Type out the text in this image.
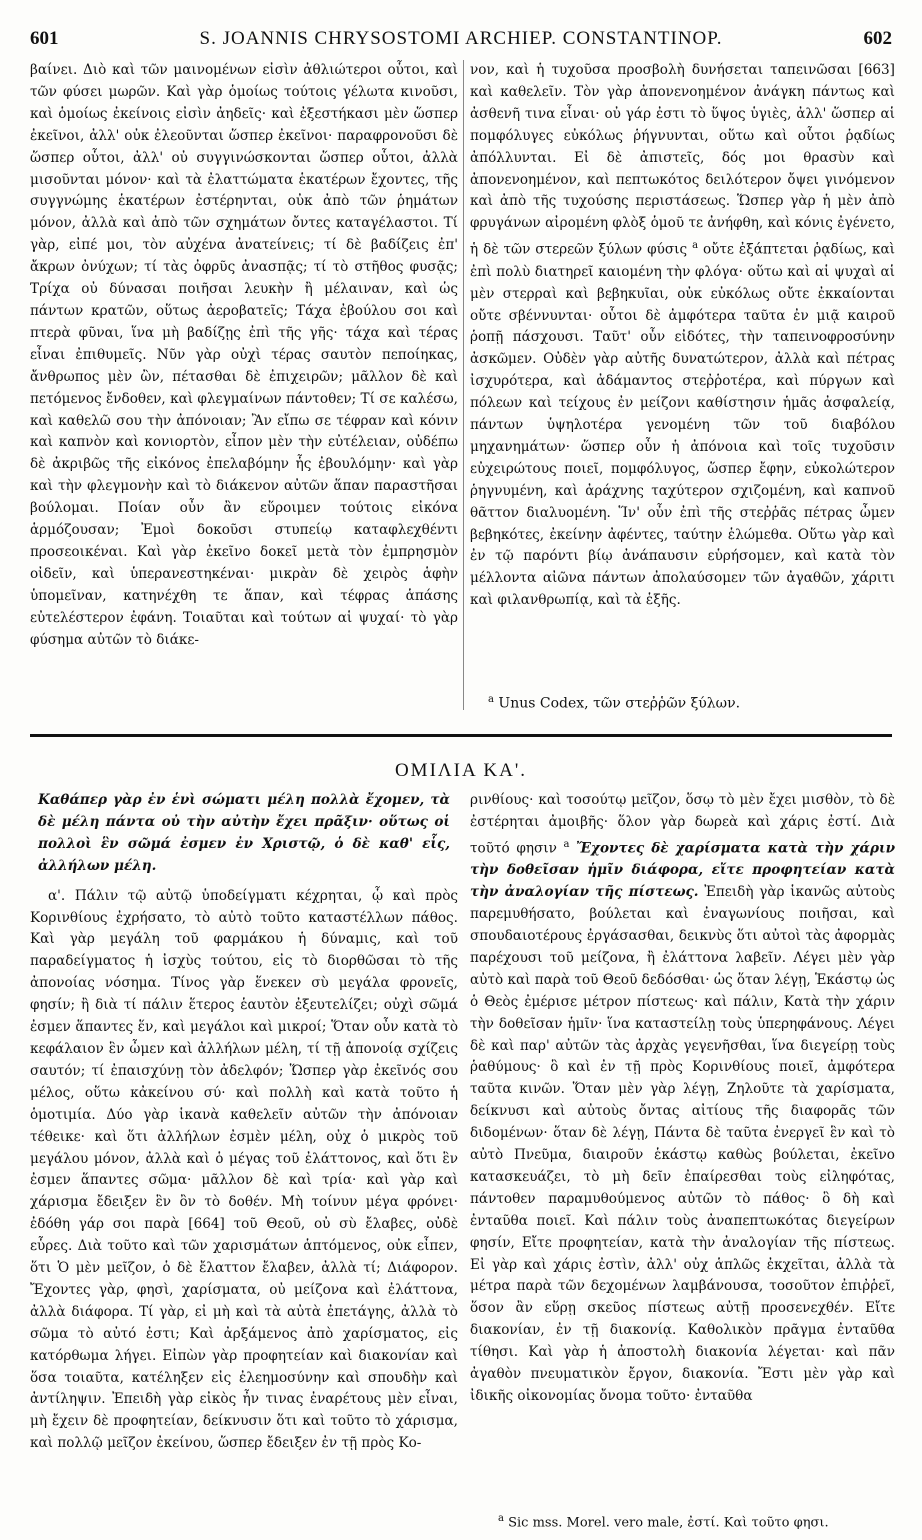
601	S. JOANNIS CHRYSOSTOMI ARCHIEP. CONSTANTINOP.	602

βαίνει. Διὸ καὶ τῶν μαινομένων εἰσὶν ἀθλιώτεροι οὗτοι, καὶ τῶν φύσει μωρῶν. Καὶ γὰρ ὁμοίως τούτοις γέλωτα κινοῦσι, καὶ ὁμοίως ἐκείνοις εἰσὶν ἀηδεῖς· καὶ ἐξεστήκασι μὲν ὥσπερ ἐκεῖνοι, ἀλλ' οὐκ ἐλεοῦνται ὥσπερ ἐκεῖνοι· παραφρονοῦσι δὲ ὥσπερ οὗτοι, ἀλλ' οὐ συγγινώσκονται ὥσπερ οὗτοι, ἀλλὰ μισοῦνται μόνον· καὶ τὰ ἐλαττώματα ἑκατέρων ἔχοντες, τῆς συγγνώμης ἑκατέρων ἐστέρηνται, οὐκ ἀπὸ τῶν ῥημάτων μόνον, ἀλλὰ καὶ ἀπὸ τῶν σχημάτων ὄντες καταγέλαστοι. Τί γὰρ, εἰπέ μοι, τὸν αὐχένα ἀνατείνεις; τί δὲ βαδίζεις ἐπ' ἄκρων ὀνύχων; τί τὰς ὀφρῦς ἀνασπᾷς; τί τὸ στῆθος φυσᾷς; Τρίχα οὐ δύνασαι ποιῆσαι λευκὴν ἢ μέλαιναν, καὶ ὡς πάντων κρατῶν, οὕτως ἀεροβατεῖς; Τάχα ἐβούλου σοι καὶ πτερὰ φῦναι, ἵνα μὴ βαδίζῃς ἐπὶ τῆς γῆς· τάχα καὶ τέρας εἶναι ἐπιθυμεῖς. Νῦν γὰρ οὐχὶ τέρας σαυτὸν πεποίηκας, ἄνθρωπος μὲν ὢν, πέτασθαι δὲ ἐπιχειρῶν; μᾶλλον δὲ καὶ πετόμενος ἔνδοθεν, καὶ φλεγμαίνων πάντοθεν; Τί σε καλέσω, καὶ καθελῶ σου τὴν ἀπόνοιαν; Ἂν εἴπω σε τέφραν καὶ κόνιν καὶ καπνὸν καὶ κονιορτὸν, εἶπον μὲν τὴν εὐτέλειαν, οὐδέπω δὲ ἀκριβῶς τῆς εἰκόνος ἐπελαβόμην ἧς ἐβουλόμην· καὶ γὰρ καὶ τὴν φλεγμονὴν καὶ τὸ διάκενον αὐτῶν ἅπαν παραστῆσαι βούλομαι. Ποίαν οὖν ἂν εὕροιμεν τούτοις εἰκόνα ἁρμόζουσαν; Ἐμοὶ δοκοῦσι στυπείῳ καταφλεχθέντι προσεοικέναι. Καὶ γὰρ ἐκεῖνο δοκεῖ μετὰ τὸν ἐμπρησμὸν οἰδεῖν, καὶ ὑπερανεστηκέναι· μικρὰν δὲ χειρὸς ἁφὴν ὑπομεῖναν, κατηνέχθη τε ἅπαν, καὶ τέφρας ἁπάσης εὐτελέστερον ἐφάνη. Τοιαῦται καὶ τούτων αἱ ψυχαί· τὸ γὰρ φύσημα αὐτῶν τὸ διάκε-

νον, καὶ ἡ τυχοῦσα προσβολὴ δυνήσεται ταπεινῶσαι [663] καὶ καθελεῖν. Τὸν γὰρ ἀπονενοημένον ἀνάγκη πάντως καὶ ἀσθενῆ τινα εἶναι· οὐ γάρ ἐστι τὸ ὕψος ὑγιὲς, ἀλλ' ὥσπερ αἱ πομφόλυγες εὐκόλως ῥήγνυνται, οὕτω καὶ οὗτοι ῥᾳδίως ἀπόλλυνται. Εἰ δὲ ἀπιστεῖς, δός μοι θρασὺν καὶ ἀπονενοημένον, καὶ πεπτωκότος δειλότερον ὄψει γινόμενον καὶ ἀπὸ τῆς τυχούσης περιστάσεως. Ὥσπερ γὰρ ἡ μὲν ἀπὸ φρυγάνων αἰρομένη φλὸξ ὁμοῦ τε ἀνήφθη, καὶ κόνις ἐγένετο, ἡ δὲ τῶν στερεῶν ξύλων φύσις $^a$ οὔτε ἐξάπτεται ῥᾳδίως, καὶ ἐπὶ πολὺ διατηρεῖ καιομένη τὴν φλόγα· οὕτω καὶ αἱ ψυχαὶ αἱ μὲν στερραὶ καὶ βεβηκυῖαι, οὐκ εὐκόλως οὔτε ἐκκαίονται οὔτε σβέννυνται· οὗτοι δὲ ἀμφότερα ταῦτα ἐν μιᾷ καιροῦ ῥοπῇ πάσχουσι. Ταῦτ' οὖν εἰδότες, τὴν ταπεινοφροσύνην ἀσκῶμεν. Οὐδὲν γὰρ αὐτῆς δυνατώτερον, ἀλλὰ καὶ πέτρας ἰσχυρότερα, καὶ ἀδάμαντος στεῤῥοτέρα, καὶ πύργων καὶ πόλεων καὶ τείχους ἐν μείζονι καθίστησιν ἡμᾶς ἀσφαλείᾳ, πάντων ὑψηλοτέρα γενομένη τῶν τοῦ διαβόλου μηχανημάτων· ὥσπερ οὖν ἡ ἀπόνοια καὶ τοῖς τυχοῦσιν εὐχειρώτους ποιεῖ, πομφόλυγος, ὥσπερ ἔφην, εὐκολώτερον ῥηγνυμένη, καὶ ἀράχνης ταχύτερον σχιζομένη, καὶ καπνοῦ θᾶττον διαλυομένη. Ἵν' οὖν ἐπὶ τῆς στεῤῥᾶς πέτρας ὦμεν βεβηκότες, ἐκείνην ἀφέντες, ταύτην ἑλώμεθα. Οὕτω γὰρ καὶ ἐν τῷ παρόντι βίῳ ἀνάπαυσιν εὑρήσομεν, καὶ κατὰ τὸν μέλλοντα αἰῶνα πάντων ἀπολαύσομεν τῶν ἀγαθῶν, χάριτι καὶ φιλανθρωπίᾳ, καὶ τὰ ἑξῆς.

$^a$ Unus Codex, τῶν στεῤῥῶν ξύλων.
ΟΜΙΛΙΑ ΚΑ'.

Καθάπερ γὰρ ἐν ἑνὶ σώματι μέλη πολλὰ ἔχομεν, τὰ δὲ μέλη πάντα οὐ τὴν αὐτὴν ἔχει πρᾶξιν· οὕτως οἱ πολλοὶ ἓν σῶμά ἐσμεν ἐν Χριστῷ, ὁ δὲ καθ' εἷς, ἀλλήλων μέλη.

α'. Πάλιν τῷ αὐτῷ ὑποδείγματι κέχρηται, ᾧ καὶ πρὸς Κορινθίους ἐχρήσατο, τὸ αὐτὸ τοῦτο καταστέλλων πάθος. Καὶ γὰρ μεγάλη τοῦ φαρμάκου ἡ δύναμις, καὶ τοῦ παραδείγματος ἡ ἰσχὺς τούτου, εἰς τὸ διορθῶσαι τὸ τῆς ἀπονοίας νόσημα. Τίνος γὰρ ἕνεκεν σὺ μεγάλα φρονεῖς, φησίν; ἢ διὰ τί πάλιν ἕτερος ἑαυτὸν ἐξευτελίζει; οὐχὶ σῶμά ἐσμεν ἅπαντες ἕν, καὶ μεγάλοι καὶ μικροί; Ὅταν οὖν κατὰ τὸ κεφάλαιον ἓν ὦμεν καὶ ἀλλήλων μέλη, τί τῇ ἀπονοίᾳ σχίζεις σαυτόν; τί ἐπαισχύνῃ τὸν ἀδελφόν; Ὥσπερ γὰρ ἐκεῖνός σου μέλος, οὕτω κἀκείνου σύ· καὶ πολλὴ καὶ κατὰ τοῦτο ἡ ὁμοτιμία. Δύο γὰρ ἱκανὰ καθελεῖν αὐτῶν τὴν ἀπόνοιαν τέθεικε· καὶ ὅτι ἀλλήλων ἐσμὲν μέλη, οὐχ ὁ μικρὸς τοῦ μεγάλου μόνον, ἀλλὰ καὶ ὁ μέγας τοῦ ἐλάττονος, καὶ ὅτι ἓν ἐσμεν ἅπαντες σῶμα· μᾶλλον δὲ καὶ τρία· καὶ γὰρ καὶ χάρισμα ἔδειξεν ἓν ὂν τὸ δοθέν. Μὴ τοίνυν μέγα φρόνει· ἐδόθη γάρ σοι παρὰ [664] τοῦ Θεοῦ, οὐ σὺ ἔλαβες, οὐδὲ εὗρες. Διὰ τοῦτο καὶ τῶν χαρισμάτων ἁπτόμενος, οὐκ εἶπεν, ὅτι Ὁ μὲν μεῖζον, ὁ δὲ ἔλαττον ἔλαβεν, ἀλλὰ τί; Διάφορον. Ἔχοντες γὰρ, φησὶ, χαρίσματα, οὐ μείζονα καὶ ἐλάττονα, ἀλλὰ διάφορα. Τί γὰρ, εἰ μὴ καὶ τὰ αὐτὰ ἐπετάγης, ἀλλὰ τὸ σῶμα τὸ αὐτό ἐστι; Καὶ ἀρξάμενος ἀπὸ χαρίσματος, εἰς κατόρθωμα λήγει. Εἰπὼν γὰρ προφητείαν καὶ διακονίαν καὶ ὅσα τοιαῦτα, κατέληξεν εἰς ἐλεημοσύνην καὶ σπουδὴν καὶ ἀντίληψιν. Ἐπειδὴ γὰρ εἰκὸς ἦν τινας ἐναρέτους μὲν εἶναι, μὴ ἔχειν δὲ προφητείαν, δείκνυσιν ὅτι καὶ τοῦτο τὸ χάρισμα, καὶ πολλῷ μεῖζον ἐκείνου, ὥσπερ ἔδειξεν ἐν τῇ πρὸς Κο-

ρινθίους· καὶ τοσούτῳ μεῖζον, ὅσῳ τὸ μὲν ἔχει μισθὸν, τὸ δὲ ἐστέρηται ἀμοιβῆς· ὅλον γὰρ δωρεὰ καὶ χάρις ἐστί. Διὰ τοῦτό φησιν $^a$ Ἔχοντες δὲ χαρίσματα κατὰ τὴν χάριν τὴν δοθεῖσαν ἡμῖν διάφορα, εἴτε προφητείαν κατὰ τὴν ἀναλογίαν τῆς πίστεως. Ἐπειδὴ γὰρ ἱκανῶς αὐτοὺς παρεμυθήσατο, βούλεται καὶ ἐναγωνίους ποιῆσαι, καὶ σπουδαιοτέρους ἐργάσασθαι, δεικνὺς ὅτι αὐτοὶ τὰς ἀφορμὰς παρέχουσι τοῦ μείζονα, ἢ ἐλάττονα λαβεῖν. Λέγει μὲν γὰρ αὐτὸ καὶ παρὰ τοῦ Θεοῦ δεδόσθαι· ὡς ὅταν λέγῃ, Ἑκάστῳ ὡς ὁ Θεὸς ἐμέρισε μέτρον πίστεως· καὶ πάλιν, Κατὰ τὴν χάριν τὴν δοθεῖσαν ἡμῖν· ἵνα καταστείλῃ τοὺς ὑπερηφάνους. Λέγει δὲ καὶ παρ' αὐτῶν τὰς ἀρχὰς γεγενῆσθαι, ἵνα διεγείρῃ τοὺς ῥαθύμους· ὃ καὶ ἐν τῇ πρὸς Κορινθίους ποιεῖ, ἀμφότερα ταῦτα κινῶν. Ὅταν μὲν γὰρ λέγῃ, Ζηλοῦτε τὰ χαρίσματα, δείκνυσι καὶ αὐτοὺς ὄντας αἰτίους τῆς διαφορᾶς τῶν διδομένων· ὅταν δὲ λέγῃ, Πάντα δὲ ταῦτα ἐνεργεῖ ἓν καὶ τὸ αὐτὸ Πνεῦμα, διαιροῦν ἑκάστῳ καθὼς βούλεται, ἐκεῖνο κατασκευάζει, τὸ μὴ δεῖν ἐπαίρεσθαι τοὺς εἰληφότας, πάντοθεν παραμυθούμενος αὐτῶν τὸ πάθος· ὃ δὴ καὶ ἐνταῦθα ποιεῖ. Καὶ πάλιν τοὺς ἀναπεπτωκότας διεγείρων φησίν, Εἴτε προφητείαν, κατὰ τὴν ἀναλογίαν τῆς πίστεως. Εἰ γὰρ καὶ χάρις ἐστὶν, ἀλλ' οὐχ ἁπλῶς ἐκχεῖται, ἀλλὰ τὰ μέτρα παρὰ τῶν δεχομένων λαμβάνουσα, τοσοῦτον ἐπιῤῥεῖ, ὅσον ἂν εὕρῃ σκεῦος πίστεως αὐτῇ προσενεχθέν. Εἴτε διακονίαν, ἐν τῇ διακονίᾳ. Καθολικὸν πρᾶγμα ἐνταῦθα τίθησι. Καὶ γὰρ ἡ ἀποστολὴ διακονία λέγεται· καὶ πᾶν ἀγαθὸν πνευματικὸν ἔργον, διακονία. Ἔστι μὲν γὰρ καὶ ἰδικῆς οἰκονομίας ὄνομα τοῦτο· ἐνταῦθα

$^a$ Sic mss. Morel. vero male, ἐστί. Καὶ τοῦτο φησι.
